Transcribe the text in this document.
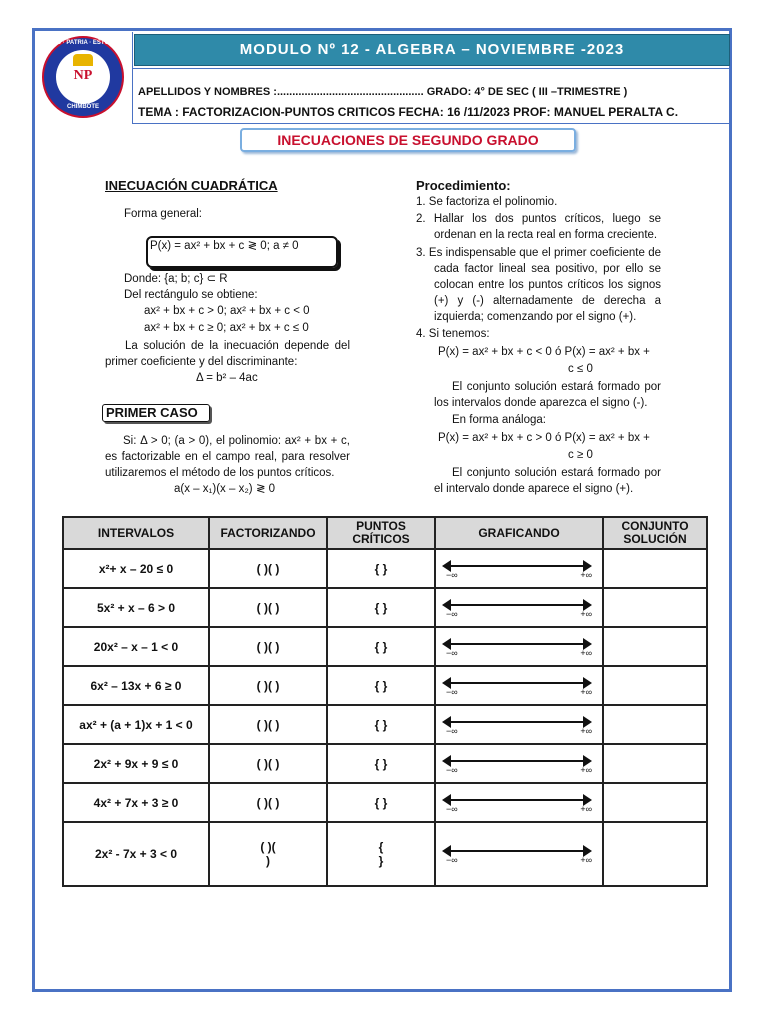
DIOS · PATRIA · ESTUDIO
NP
CHIMBOTE
MODULO Nº 12 - ALGEBRA – NOVIEMBRE -2023
APELLIDOS Y NOMBRES :................................................ GRADO: 4° DE SEC ( III –TRIMESTRE )
TEMA : FACTORIZACION-PUNTOS CRITICOS FECHA: 16 /11/2023 PROF: MANUEL PERALTA C.
INECUACIONES DE SEGUNDO GRADO
INECUACIÓN CUADRÁTICA
Forma general:
P(x) = ax² + bx + c ≷ 0; a ≠ 0
Donde: {a; b; c} ⊂ R
Del rectángulo se obtiene:
ax² + bx + c > 0; ax² + bx + c < 0
ax² + bx + c ≥ 0; ax² + bx + c ≤ 0
La solución de la inecuación depende del primer coeficiente y del discriminante:
Δ = b² – 4ac
PRIMER CASO
Si: Δ > 0; (a > 0), el polinomio: ax² + bx + c, es factorizable en el campo real, para resolver utilizaremos el método de los puntos críticos.
a(x – x₁)(x – x₂) ≷ 0
Procedimiento:
1. Se factoriza el polinomio.
2. Hallar los dos puntos críticos, luego se ordenan en la recta real en forma creciente.
3. Es indispensable que el primer coeficiente de cada factor lineal sea positivo, por ello se colocan entre los puntos críticos los signos (+) y (-) alternadamente de derecha a izquierda; comenzando por el signo (+).
4. Si tenemos:
P(x) = ax² + bx + c < 0 ó P(x) = ax² + bx +
c ≤ 0
El conjunto solución estará formado por los intervalos donde aparezca el signo (-).
En forma análoga:
P(x) = ax² + bx + c > 0 ó P(x) = ax² + bx +
c ≥ 0
El conjunto solución estará formado por el intervalo donde aparece el signo (+).
INTERVALOS	FACTORIZANDO	PUNTOS CRÍTICOS	GRAFICANDO	CONJUNTO SOLUCIÓN
x²+ x – 20 ≤ 0	( )( )	{ }	−∞ +∞	

5x² + x – 6 > 0	( )( )	{ }	−∞ +∞	

20x² – x – 1 < 0	( )( )	{ }	−∞ +∞	

6x² – 13x + 6 ≥ 0	( )( )	{ }	−∞ +∞	

ax² + (a + 1)x + 1 < 0	( )( )	{ }	−∞ +∞	

2x² + 9x + 9 ≤ 0	( )( )	{ }	−∞ +∞	

4x² + 7x + 3 ≥ 0	( )( )	{ }	−∞ +∞	

2x² - 7x + 3 < 0	( )(
)	{
}	−∞ +∞	
